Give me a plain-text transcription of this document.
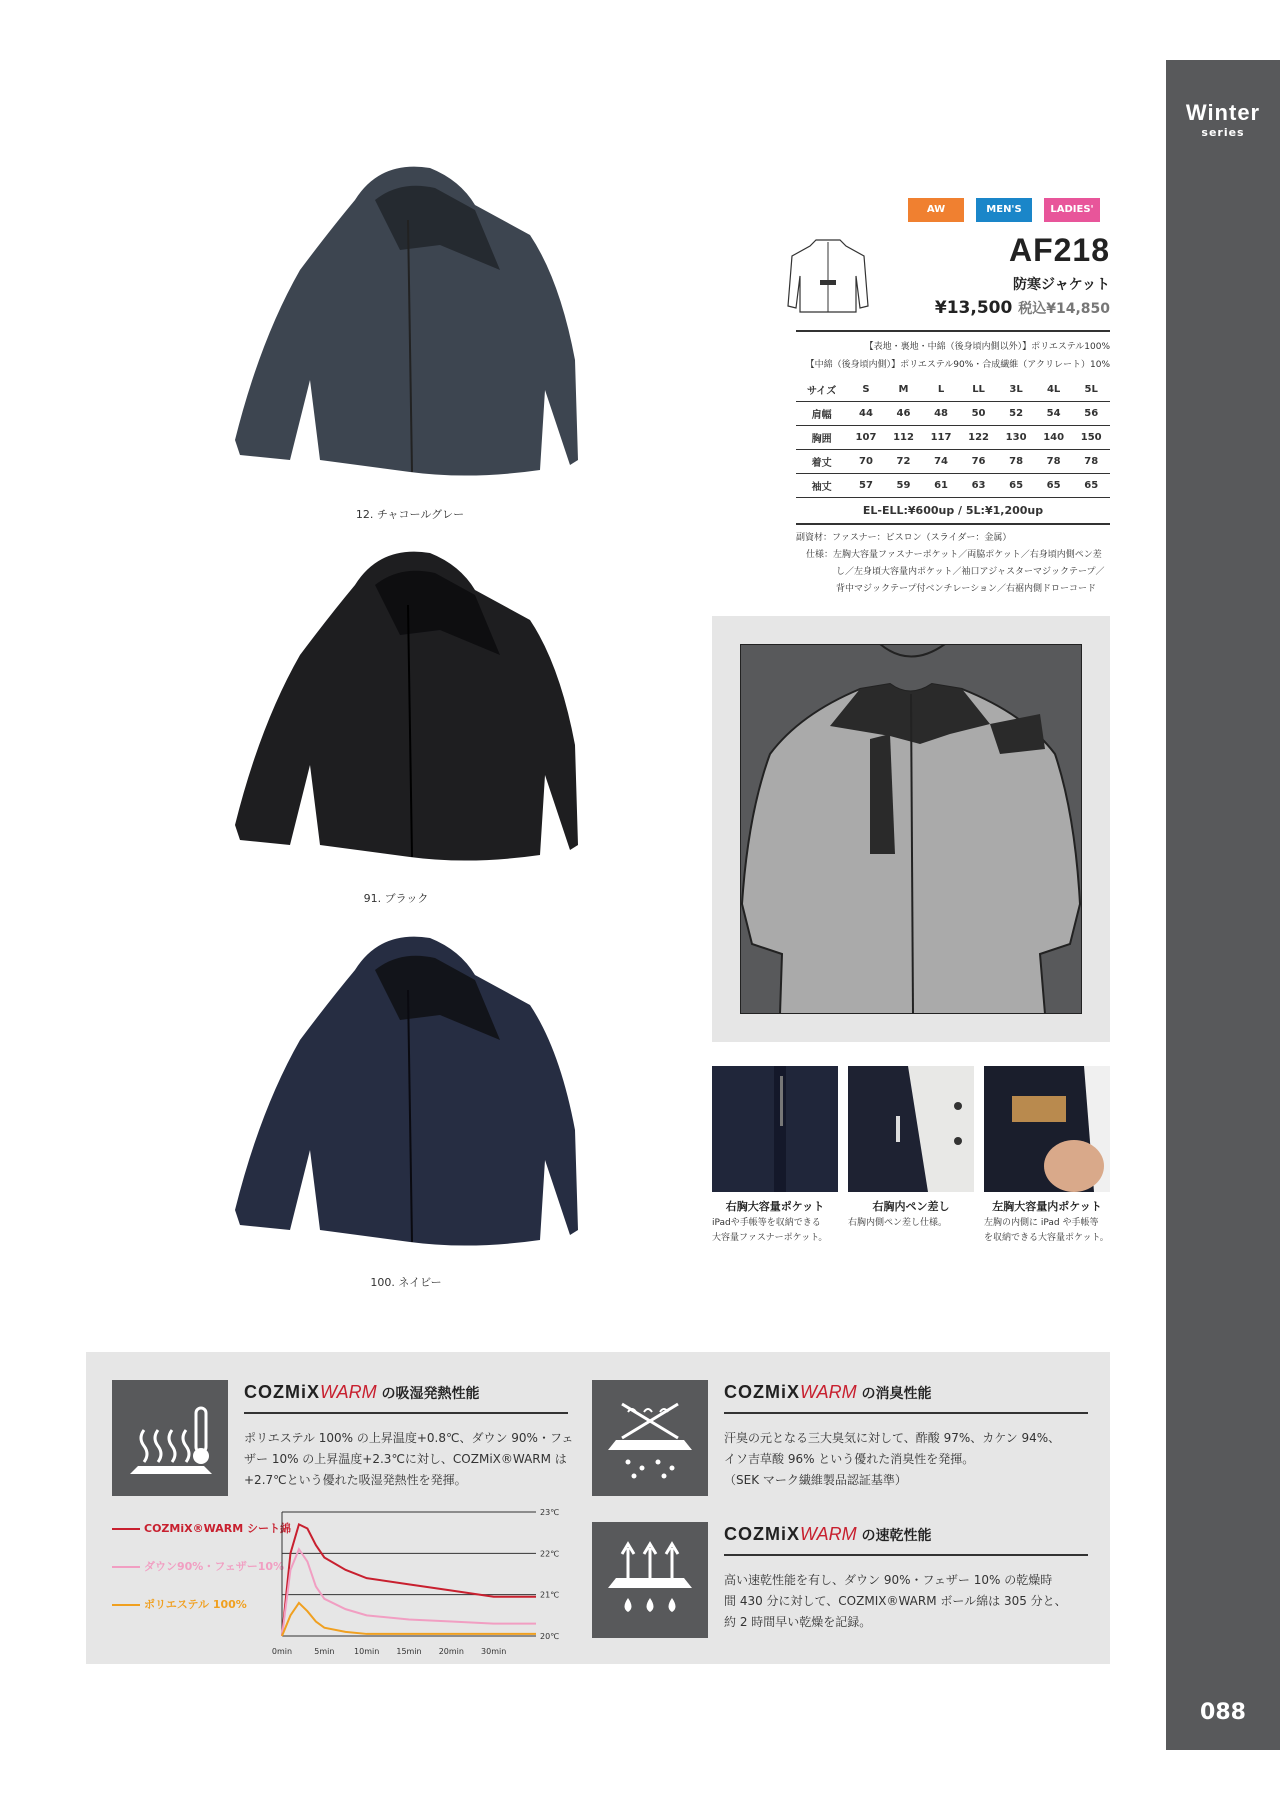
Winter
series
088
12. チャコールグレー
91. ブラック
100. ネイビー
AW	MEN'S	LADIES'
AF218
防寒ジャケット
¥13,500 税込¥14,850
【表地・裏地・中綿（後身頃内側以外）】ポリエステル100%
【中綿（後身頃内側）】ポリエステル90%・合成繊維（アクリレート）10%
サイズ	S	M	L	LL	3L	4L	5L
肩幅	44	46	48	50	52	54	56
胸囲	107	112	117	122	130	140	150
着丈	70	72	74	76	78	78	78
袖丈	57	59	61	63	65	65	65
EL-ELL:¥600up / 5L:¥1,200up
副資材：ファスナー：ビスロン（スライダー：金属）
仕様：左胸大容量ファスナーポケット／両脇ポケット／右身頃内側ペン差
し／左身頃大容量内ポケット／袖口アジャスターマジックテープ／
背中マジックテープ付ベンチレーション／右裾内側ドローコード
右胸大容量ポケット	右胸内ペン差し	左胸大容量内ポケット
iPadや手帳等を収納できる
大容量ファスナーポケット。
右胸内側ペン差し仕様。	左胸の内側に iPad や手帳等
を収納できる大容量ポケット。
COZMiXWARM の吸湿発熱性能
ポリエステル 100% の上昇温度+0.8℃、ダウン 90%・フェ
ザー 10% の上昇温度+2.3℃に対し、COZMiX®WARM は
+2.7℃という優れた吸湿発熱性を発揮。
COZMiX®WARM シート綿
ダウン90%・フェザー10%
ポリエステル 100%
23℃
22℃
21℃
20℃
0min	5min 10min 15min 20min 30min
COZMiXWARM の消臭性能
汗臭の元となる三大臭気に対して、酢酸 97%、カケン 94%、
イソ吉草酸 96% という優れた消臭性を発揮。
（SEK マーク繊維製品認証基準）
COZMiXWARM の速乾性能
高い速乾性能を有し、ダウン 90%・フェザー 10% の乾燥時
間 430 分に対して、COZMIX®WARM ボール綿は 305 分と、
約 2 時間早い乾燥を記録。
